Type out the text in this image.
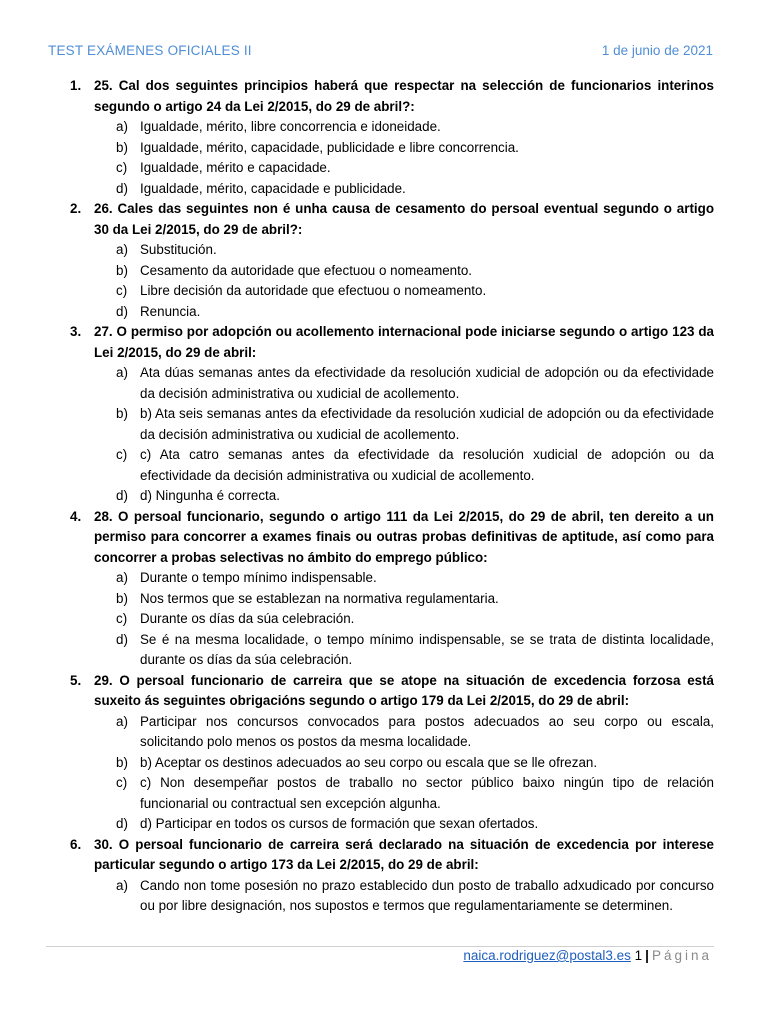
TEST EXÁMENES OFICIALES II	1 de junio de 2021
1. 25. Cal dos seguintes principios haberá que respectar na selección de funcionarios interinos segundo o artigo 24 da Lei 2/2015, do 29 de abril?:
a) Igualdade, mérito, libre concorrencia e idoneidade.
b) Igualdade, mérito, capacidade, publicidade e libre concorrencia.
c) Igualdade, mérito e capacidade.
d) Igualdade, mérito, capacidade e publicidade.
2. 26. Cales das seguintes non é unha causa de cesamento do persoal eventual segundo o artigo 30 da Lei 2/2015, do 29 de abril?:
a) Substitución.
b) Cesamento da autoridade que efectuou o nomeamento.
c) Libre decisión da autoridade que efectuou o nomeamento.
d) Renuncia.
3. 27. O permiso por adopción ou acollemento internacional pode iniciarse segundo o artigo 123 da Lei 2/2015, do 29 de abril:
a) Ata dúas semanas antes da efectividade da resolución xudicial de adopción ou da efectividade da decisión administrativa ou xudicial de acollemento.
b) b) Ata seis semanas antes da efectividade da resolución xudicial de adopción ou da efectividade da decisión administrativa ou xudicial de acollemento.
c) c) Ata catro semanas antes da efectividade da resolución xudicial de adopción ou da efectividade da decisión administrativa ou xudicial de acollemento.
d) d) Ningunha é correcta.
4. 28. O persoal funcionario, segundo o artigo 111 da Lei 2/2015, do 29 de abril, ten dereito a un permiso para concorrer a exames finais ou outras probas definitivas de aptitude, así como para concorrer a probas selectivas no ámbito do emprego público:
a) Durante o tempo mínimo indispensable.
b) Nos termos que se establezan na normativa regulamentaria.
c) Durante os días da súa celebración.
d) Se é na mesma localidade, o tempo mínimo indispensable, se se trata de distinta localidade, durante os días da súa celebración.
5. 29. O persoal funcionario de carreira que se atope na situación de excedencia forzosa está suxeito ás seguintes obrigacións segundo o artigo 179 da Lei 2/2015, do 29 de abril:
a) Participar nos concursos convocados para postos adecuados ao seu corpo ou escala, solicitando polo menos os postos da mesma localidade.
b) b) Aceptar os destinos adecuados ao seu corpo ou escala que se lle ofrezan.
c) c) Non desempeñar postos de traballo no sector público baixo ningún tipo de relación funcionarial ou contractual sen excepción algunha.
d) d) Participar en todos os cursos de formación que sexan ofertados.
6. 30. O persoal funcionario de carreira será declarado na situación de excedencia por interese particular segundo o artigo 173 da Lei 2/2015, do 29 de abril:
a) Cando non tome posesión no prazo establecido dun posto de traballo adxudicado por concurso ou por libre designación, nos supostos e termos que regulamentariamente se determinen.
naica.rodriguez@postal3.es 1 | Página
